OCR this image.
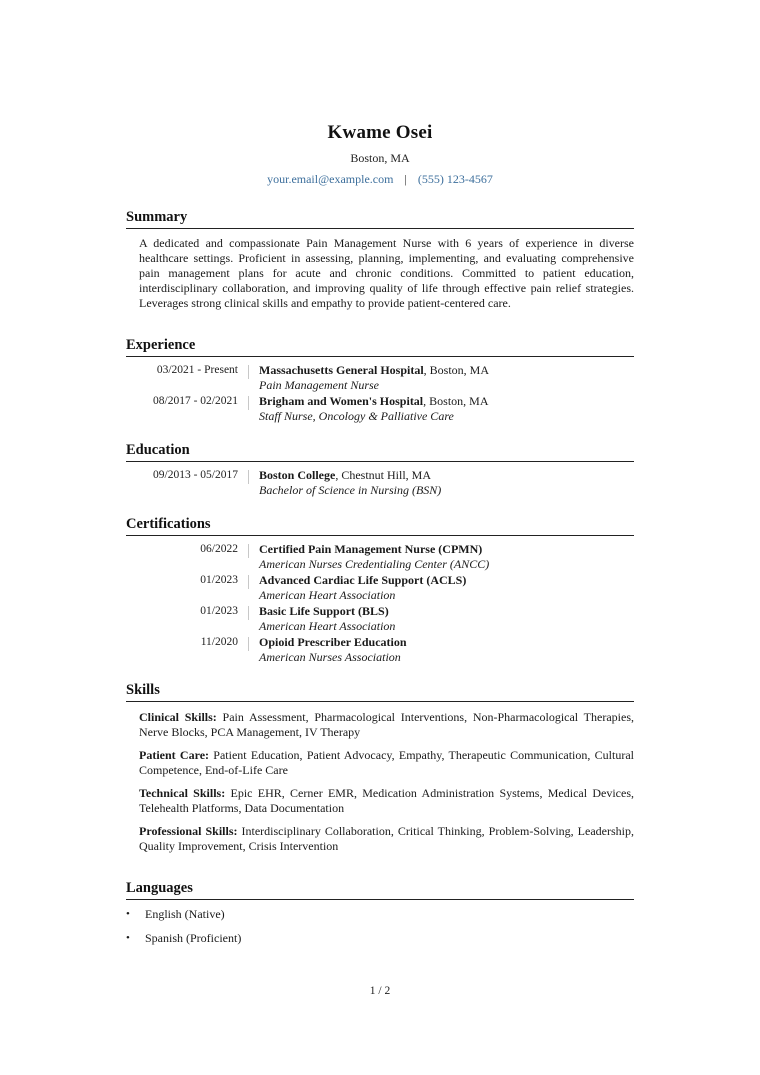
Kwame Osei
Boston, MA
your.email@example.com | (555) 123-4567
Summary
A dedicated and compassionate Pain Management Nurse with 6 years of experience in diverse healthcare settings. Proficient in assessing, planning, implementing, and evaluating comprehensive pain management plans for acute and chronic conditions. Committed to patient education, interdisciplinary collaboration, and improving quality of life through effective pain relief strategies. Leverages strong clinical skills and empathy to provide patient-centered care.
Experience
03/2021 - Present Massachusetts General Hospital, Boston, MA
Pain Management Nurse
08/2017 - 02/2021 Brigham and Women's Hospital, Boston, MA
Staff Nurse, Oncology & Palliative Care
Education
09/2013 - 05/2017 Boston College, Chestnut Hill, MA
Bachelor of Science in Nursing (BSN)
Certifications
06/2022 Certified Pain Management Nurse (CPMN)
American Nurses Credentialing Center (ANCC)
01/2023 Advanced Cardiac Life Support (ACLS)
American Heart Association
01/2023 Basic Life Support (BLS)
American Heart Association
11/2020 Opioid Prescriber Education
American Nurses Association
Skills
Clinical Skills: Pain Assessment, Pharmacological Interventions, Non-Pharmacological Therapies, Nerve Blocks, PCA Management, IV Therapy
Patient Care: Patient Education, Patient Advocacy, Empathy, Therapeutic Communication, Cultural Competence, End-of-Life Care
Technical Skills: Epic EHR, Cerner EMR, Medication Administration Systems, Medical Devices, Telehealth Platforms, Data Documentation
Professional Skills: Interdisciplinary Collaboration, Critical Thinking, Problem-Solving, Leadership, Quality Improvement, Crisis Intervention
Languages
• English (Native)
• Spanish (Proficient)
1 / 2
